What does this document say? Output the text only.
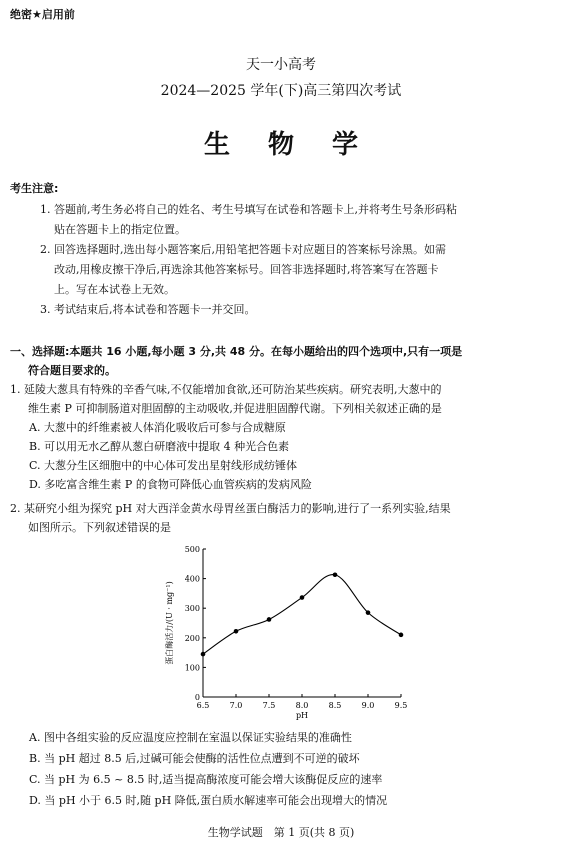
绝密★启用前
天一小高考
2024—2025 学年(下)高三第四次考试
生物学
考生注意:
1. 答题前,考生务必将自己的姓名、考生号填写在试卷和答题卡上,并将考生号条形码粘
贴在答题卡上的指定位置。
2. 回答选择题时,选出每小题答案后,用铅笔把答题卡对应题目的答案标号涂黑。如需
改动,用橡皮擦干净后,再选涂其他答案标号。回答非选择题时,将答案写在答题卡
上。写在本试卷上无效。
3. 考试结束后,将本试卷和答题卡一并交回。
一、选择题:本题共 16 小题,每小题 3 分,共 48 分。在每小题给出的四个选项中,只有一项是
符合题目要求的。
1. 延陵大葱具有特殊的辛香气味,不仅能增加食欲,还可防治某些疾病。研究表明,大葱中的
维生素 P 可抑制肠道对胆固醇的主动吸收,并促进胆固醇代谢。下列相关叙述正确的是
A. 大葱中的纤维素被人体消化吸收后可参与合成糖原
B. 可以用无水乙醇从葱白研磨液中提取 4 种光合色素
C. 大葱分生区细胞中的中心体可发出星射线形成纺锤体
D. 多吃富含维生素 P 的食物可降低心血管疾病的发病风险
2. 某研究小组为探究 pH 对大西洋金黄水母胃丝蛋白酶活力的影响,进行了一系列实验,结果
如图所示。下列叙述错误的是
0
100
200
300
400
500
6.5	7.0	7.5	8.0	8.5	9.0	9.5
蛋白酶活力/(U · mg⁻¹)
pH
A. 图中各组实验的反应温度应控制在室温以保证实验结果的准确性
B. 当 pH 超过 8.5 后,过碱可能会使酶的活性位点遭到不可逆的破坏
C. 当 pH 为 6.5 ~ 8.5 时,适当提高酶浓度可能会增大该酶促反应的速率
D. 当 pH 小于 6.5 时,随 pH 降低,蛋白质水解速率可能会出现增大的情况
生物学试题　第 1 页(共 8 页)
